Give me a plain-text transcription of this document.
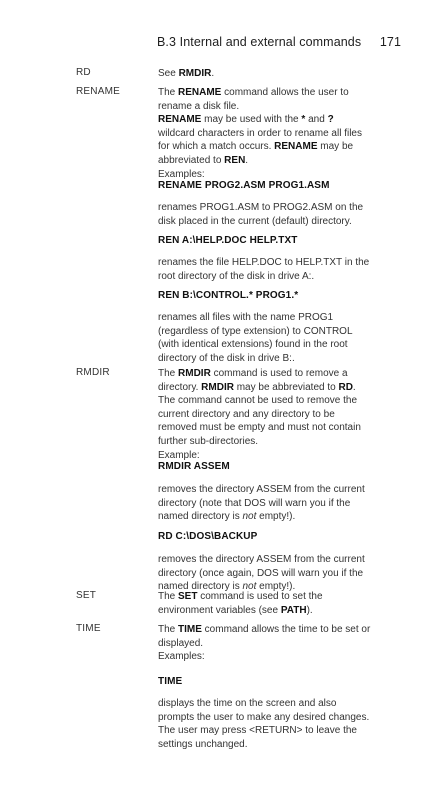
B.3 Internal and external commands 171
RD	See RMDIR.

RENAME	The RENAME command allows the user to rename a disk file.

RENAME may be used with the * and ? wildcard characters in order to rename all files for which a match occurs. RENAME may be abbreviated to REN.

Examples:

RENAME PROG2.ASM PROG1.ASM
renames PROG1.ASM to PROG2.ASM on the disk placed in the current (default) directory.
REN A:\HELP.DOC HELP.TXT
renames the file HELP.DOC to HELP.TXT in the root directory of the disk in drive A:.
REN B:\CONTROL.* PROG1.*
renames all files with the name PROG1 (regardless of type extension) to CONTROL (with identical extensions) found in the root directory of the disk in drive B:.
RMDIR	The RMDIR command is used to remove a directory. RMDIR may be abbreviated to RD. The command cannot be used to remove the current directory and any directory to be removed must be empty and must not contain further sub-directories.

Example:

RMDIR ASSEM
removes the directory ASSEM from the current directory (note that DOS will warn you if the named directory is not empty!).
RD C:\DOS\BACKUP
removes the directory ASSEM from the current directory (once again, DOS will warn you if the named directory is not empty!).
SET	The SET command is used to set the environment variables (see PATH).

TIME	The TIME command allows the time to be set or displayed.

Examples:

TIME
displays the time on the screen and also prompts the user to make any desired changes. The user may press <RETURN> to leave the settings unchanged.
